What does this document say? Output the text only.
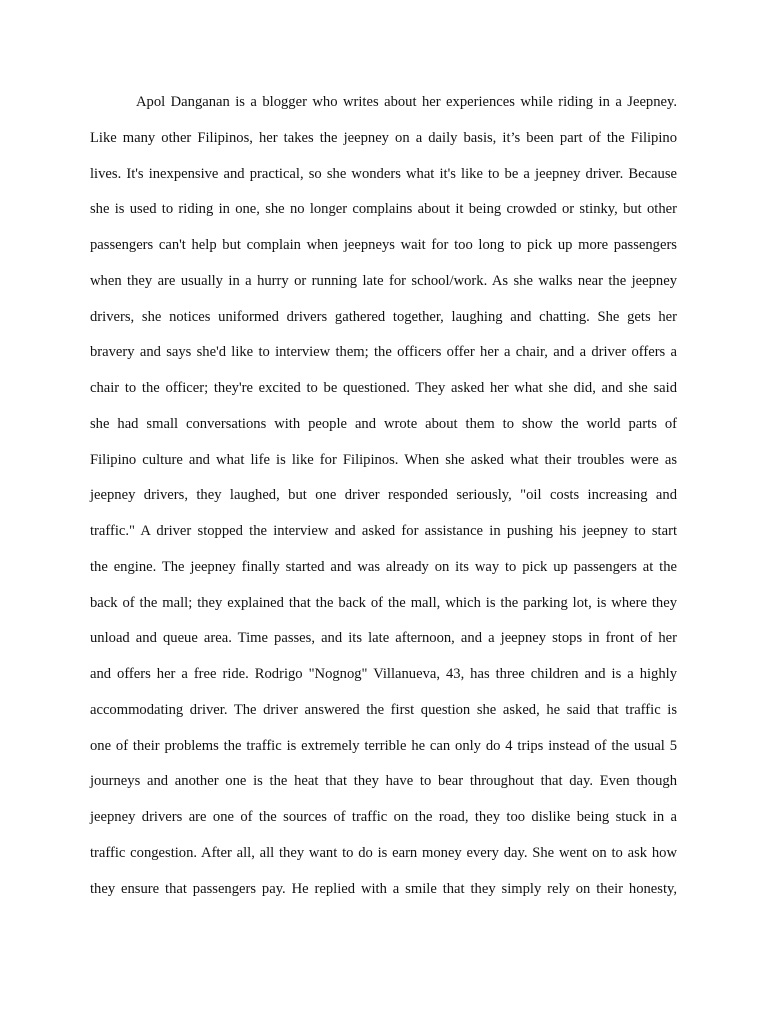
Apol Danganan is a blogger who writes about her experiences while riding in a Jeepney.
Like many other Filipinos, her takes the jeepney on a daily basis, it’s been part of the Filipino
lives. It's inexpensive and practical, so she wonders what it's like to be a jeepney driver. Because
she is used to riding in one, she no longer complains about it being crowded or stinky, but other
passengers can't help but complain when jeepneys wait for too long to pick up more passengers
when they are usually in a hurry or running late for school/work. As she walks near the jeepney
drivers, she notices uniformed drivers gathered together, laughing and chatting. She gets her
bravery and says she'd like to interview them; the officers offer her a chair, and a driver offers a
chair to the officer; they're excited to be questioned. They asked her what she did, and she said
she had small conversations with people and wrote about them to show the world parts of
Filipino culture and what life is like for Filipinos. When she asked what their troubles were as
jeepney drivers, they laughed, but one driver responded seriously, "oil costs increasing and
traffic." A driver stopped the interview and asked for assistance in pushing his jeepney to start
the engine. The jeepney finally started and was already on its way to pick up passengers at the
back of the mall; they explained that the back of the mall, which is the parking lot, is where they
unload and queue area. Time passes, and its late afternoon, and a jeepney stops in front of her
and offers her a free ride. Rodrigo "Nognog" Villanueva, 43, has three children and is a highly
accommodating driver. The driver answered the first question she asked, he said that traffic is
one of their problems the traffic is extremely terrible he can only do 4 trips instead of the usual 5
journeys and another one is the heat that they have to bear throughout that day. Even though
jeepney drivers are one of the sources of traffic on the road, they too dislike being stuck in a
traffic congestion. After all, all they want to do is earn money every day. She went on to ask how
they ensure that passengers pay. He replied with a smile that they simply rely on their honesty,
